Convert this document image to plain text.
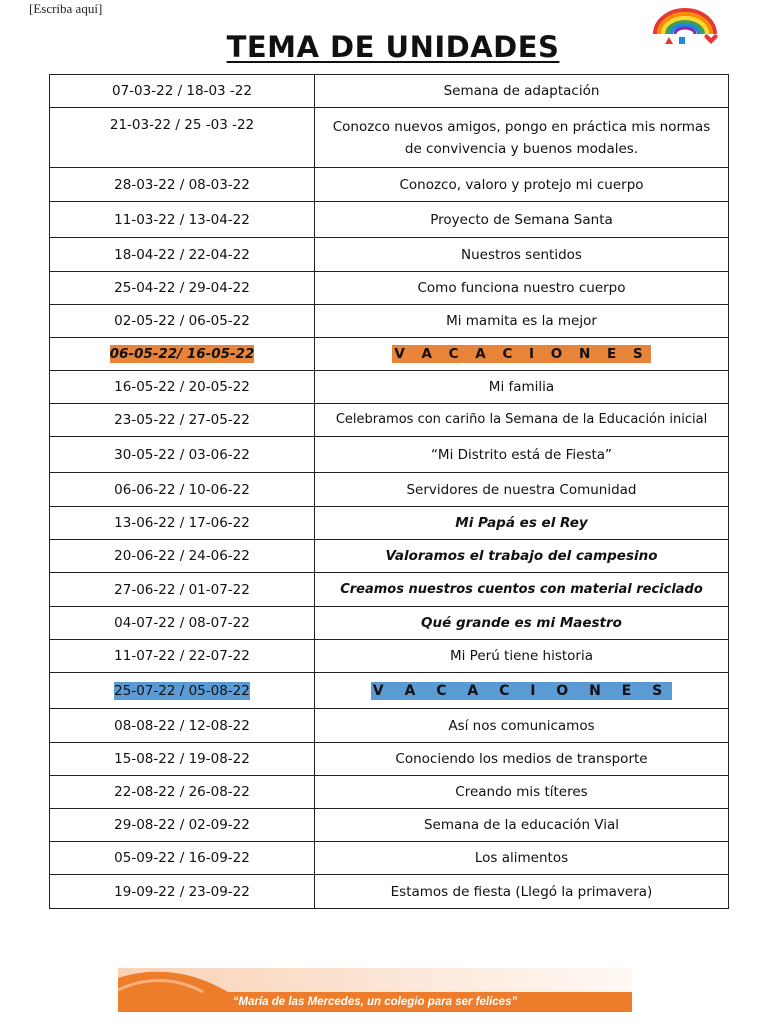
[Escriba aquí]
TEMA DE UNIDADES
07-03-22 / 18-03 -22	Semana de adaptación
21-03-22 / 25 -03 -22	Conozco nuevos amigos, pongo en práctica mis normas
de convivencia y buenos modales.

28-03-22 / 08-03-22	Conozco, valoro y protejo mi cuerpo
11-03-22 / 13-04-22	Proyecto de Semana Santa
18-04-22 / 22-04-22	Nuestros sentidos
25-04-22 / 29-04-22	Como funciona nuestro cuerpo
02-05-22 / 06-05-22	Mi mamita es la mejor
06-05-22/ 16-05-22	V A C A C I O N E S
16-05-22 / 20-05-22	Mi familia
23-05-22 / 27-05-22	Celebramos con cariño la Semana de la Educación inicial
30-05-22 / 03-06-22	“Mi Distrito está de Fiesta”
06-06-22 / 10-06-22	Servidores de nuestra Comunidad
13-06-22 / 17-06-22	Mi Papá es el Rey
20-06-22 / 24-06-22	Valoramos el trabajo del campesino
27-06-22 / 01-07-22	Creamos nuestros cuentos con material reciclado
04-07-22 / 08-07-22	Qué grande es mi Maestro
11-07-22 / 22-07-22	Mi Perú tiene historia
25-07-22 / 05-08-22	V A C A C I O N E S
08-08-22 / 12-08-22	Así nos comunicamos
15-08-22 / 19-08-22	Conociendo los medios de transporte
22-08-22 / 26-08-22	Creando mis títeres
29-08-22 / 02-09-22	Semana de la educación Vial
05-09-22 / 16-09-22	Los alimentos
19-09-22 / 23-09-22	Estamos de fiesta (Llegó la primavera)
“María de las Mercedes, un colegio para ser felices”
